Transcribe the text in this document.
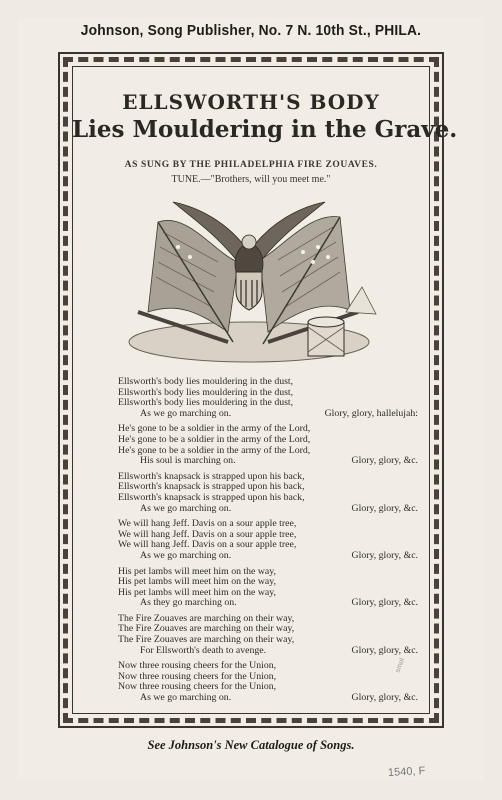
Johnson, Song Publisher, No. 7 N. 10th St., PHILA.
ELLSWORTH'S BODY
Lies Mouldering in the Grave.
AS SUNG BY THE PHILADELPHIA FIRE ZOUAVES.
TUNE.—"Brothers, will you meet me."
Ellsworth's body lies mouldering in the dust,
Ellsworth's body lies mouldering in the dust,
Ellsworth's body lies mouldering in the dust,
As we go marching on.	Glory, glory, hallelujah:
He's gone to be a soldier in the army of the Lord,
He's gone to be a soldier in the army of the Lord,
He's gone to be a soldier in the army of the Lord,
His soul is marching on.	Glory, glory, &c.
Ellsworth's knapsack is strapped upon his back,
Ellsworth's knapsack is strapped upon his back,
Ellsworth's knapsack is strapped upon his back,
As we go marching on.	Glory, glory, &c.
We will hang Jeff. Davis on a sour apple tree,
We will hang Jeff. Davis on a sour apple tree,
We will hang Jeff. Davis on a sour apple tree,
As we go marching on.	Glory, glory, &c.
His pet lambs will meet him on the way,
His pet lambs will meet him on the way,
His pet lambs will meet him on the way,
As they go marching on.	Glory, glory, &c.
The Fire Zouaves are marching on their way,
The Fire Zouaves are marching on their way,
The Fire Zouaves are marching on their way,
For Ellsworth's death to avenge.	Glory, glory, &c.
Now three rousing cheers for the Union,
Now three rousing cheers for the Union,
Now three rousing cheers for the Union,
As we go marching on.	Glory, glory, &c.
See Johnson's New Catalogue of Songs.
smol
1540, F
